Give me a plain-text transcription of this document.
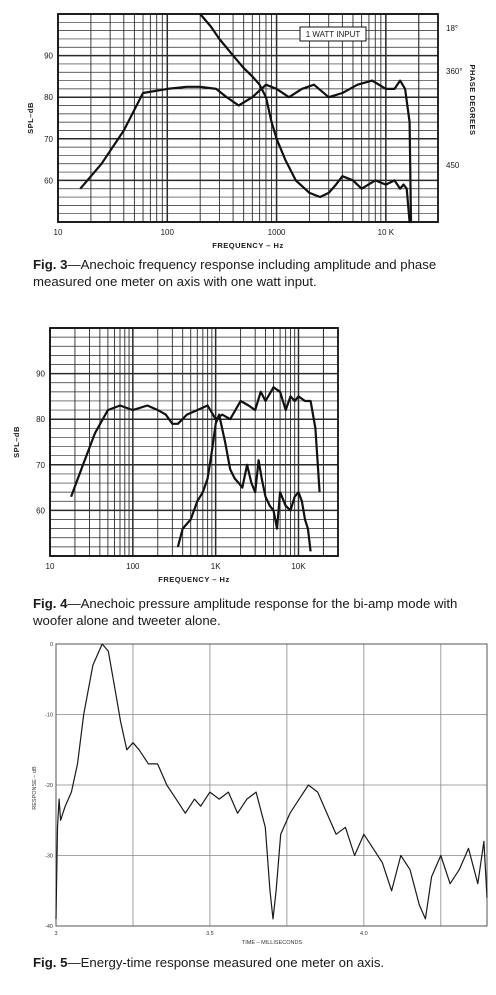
10	100	1000	10 K
60
70
80
90
FREQUENCY – Hz
SPL–dB
1 WATT INPUT
18°
360°
450
PHASE DEGREES
Fig. 3—Anechoic frequency response including amplitude and phase measured one meter on axis with one watt input.
10	100	1K	10K
60
70
80
90
FREQUENCY – Hz
SPL–dB
Fig. 4—Anechoic pressure amplitude response for the bi-amp mode with woofer alone and tweeter alone.
3	3.5	4.0
0
-10
-20
-30
-40
TIME – MILLISECONDS
RESPONSE – dB
Fig. 5—Energy-time response measured one meter on axis.
